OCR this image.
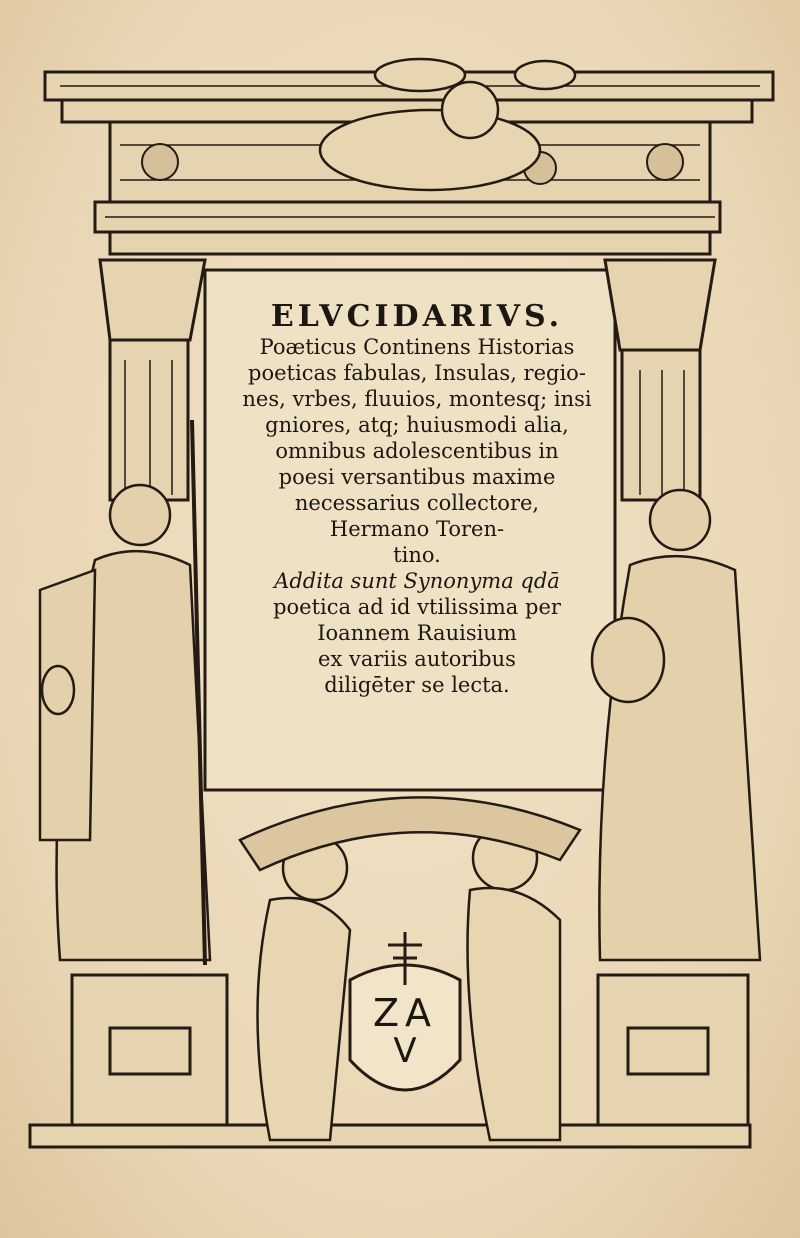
ELVCIDARIVS.
Poæticus Continens Historias
poeticas fabulas, Insulas, regio-
nes, vrbes, fluuios, montesq; insi
gniores, atq; huiusmodi alia,
omnibus adolescentibus in
poesi versantibus maxime
necessarius collectore,
Hermano Toren-
tino.
Addita sunt Synonyma qdā
poetica ad id vtilissima per
Ioannem Rauisium
ex variis autoribus
diligēter se lecta.
ZA
V
